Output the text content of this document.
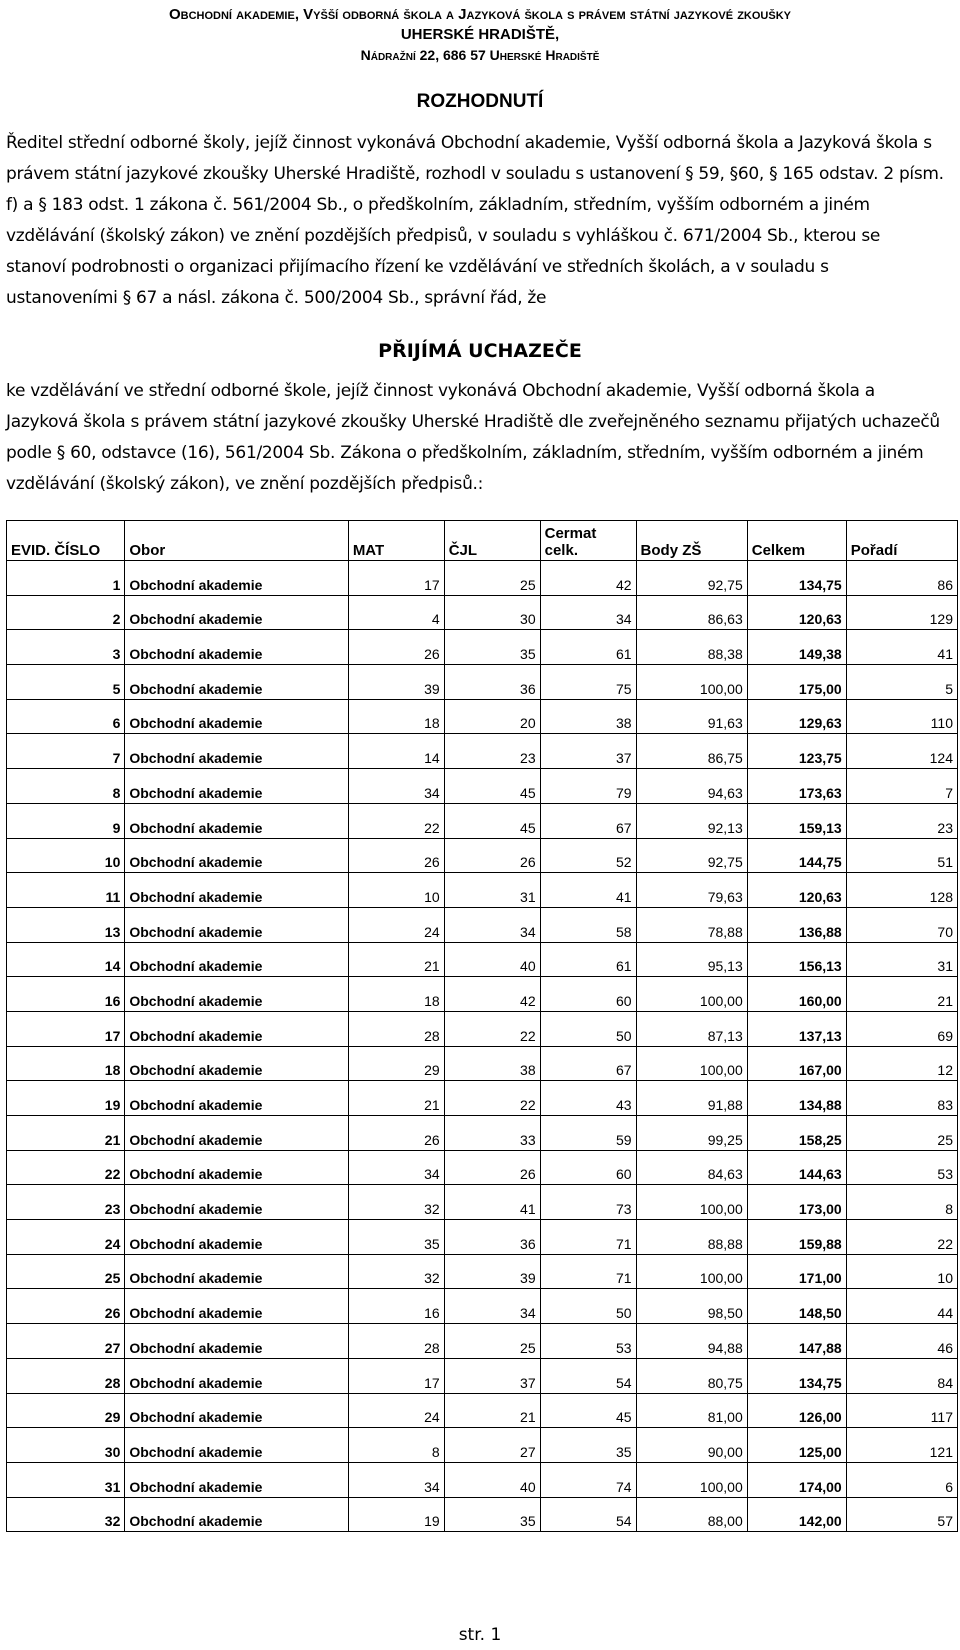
Obchodní akademie, Vyšší odborná škola a Jazyková škola s právem státní jazykové zkoušky
UHERSKÉ HRADIŠTĚ,
Nádražní 22, 686 57 Uherské Hradiště
ROZHODNUTÍ

Ředitel střední odborné školy, jejíž činnost vykonává Obchodní akademie, Vyšší odborná škola a Jazyková škola s právem státní jazykové zkoušky Uherské Hradiště, rozhodl v souladu s ustanovení § 59, §60, § 165 odstav. 2 písm. f) a § 183 odst. 1 zákona č. 561/2004 Sb., o předškolním, základním, středním, vyšším odborném a jiném vzdělávání (školský zákon) ve znění pozdějších předpisů, v souladu s vyhláškou č. 671/2004 Sb., kterou se stanoví podrobnosti o organizaci přijímacího řízení ke vzdělávání ve středních školách, a v souladu s ustanoveními § 67 a násl. zákona č. 500/2004 Sb., správní řád, že

PŘIJÍMÁ UCHAZEČE

ke vzdělávání ve střední odborné škole, jejíž činnost vykonává Obchodní akademie, Vyšší odborná škola a Jazyková škola s právem státní jazykové zkoušky Uherské Hradiště dle zveřejněného seznamu přijatých uchazečů podle § 60, odstavce (16), 561/2004 Sb. Zákona o předškolním, základním, středním, vyšším odborném a jiném vzdělávání (školský zákon), ve znění pozdějších předpisů.:

EVID. ČÍSLO	Obor	MAT	ČJL	Cermat celk.	Body ZŠ	Celkem	Pořadí
1	Obchodní akademie	17	25	42	92,75	134,75	86
2	Obchodní akademie	4	30	34	86,63	120,63	129
3	Obchodní akademie	26	35	61	88,38	149,38	41
5	Obchodní akademie	39	36	75	100,00	175,00	5
6	Obchodní akademie	18	20	38	91,63	129,63	110
7	Obchodní akademie	14	23	37	86,75	123,75	124
8	Obchodní akademie	34	45	79	94,63	173,63	7
9	Obchodní akademie	22	45	67	92,13	159,13	23
10	Obchodní akademie	26	26	52	92,75	144,75	51
11	Obchodní akademie	10	31	41	79,63	120,63	128
13	Obchodní akademie	24	34	58	78,88	136,88	70
14	Obchodní akademie	21	40	61	95,13	156,13	31
16	Obchodní akademie	18	42	60	100,00	160,00	21
17	Obchodní akademie	28	22	50	87,13	137,13	69
18	Obchodní akademie	29	38	67	100,00	167,00	12
19	Obchodní akademie	21	22	43	91,88	134,88	83
21	Obchodní akademie	26	33	59	99,25	158,25	25
22	Obchodní akademie	34	26	60	84,63	144,63	53
23	Obchodní akademie	32	41	73	100,00	173,00	8
24	Obchodní akademie	35	36	71	88,88	159,88	22
25	Obchodní akademie	32	39	71	100,00	171,00	10
26	Obchodní akademie	16	34	50	98,50	148,50	44
27	Obchodní akademie	28	25	53	94,88	147,88	46
28	Obchodní akademie	17	37	54	80,75	134,75	84
29	Obchodní akademie	24	21	45	81,00	126,00	117
30	Obchodní akademie	8	27	35	90,00	125,00	121
31	Obchodní akademie	34	40	74	100,00	174,00	6
32	Obchodní akademie	19	35	54	88,00	142,00	57
str. 1
